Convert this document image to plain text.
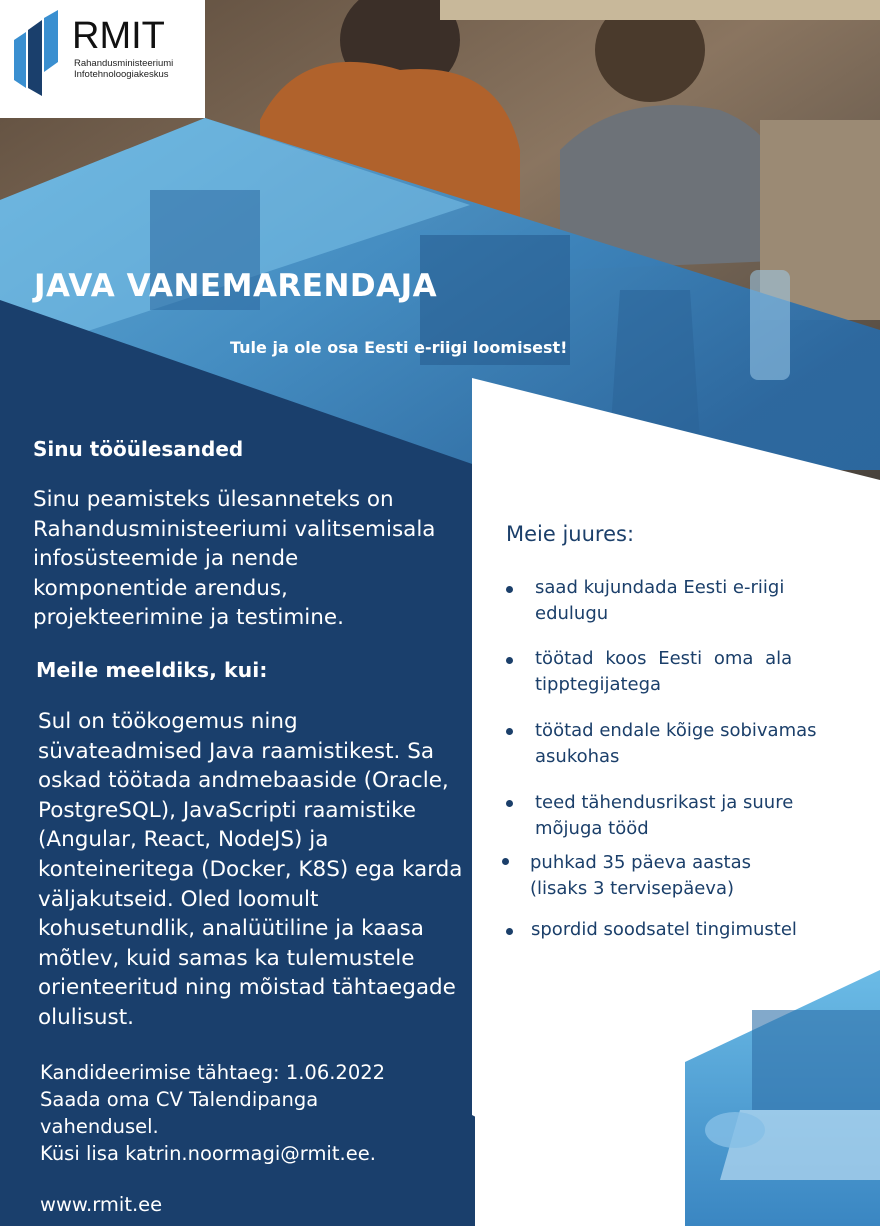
RMIT
Rahandusministeeriumi
Infotehnoloogiakeskus
JAVA VANEMARENDAJA
Tule ja ole osa Eesti e-riigi loomisest!
Sinu tööülesanded
Sinu peamisteks ülesanneteks on Rahandusministeeriumi valitsemisala infosüsteemide ja nende komponentide arendus, projekteerimine ja testimine.
Meile meeldiks, kui:
Sul on töökogemus ning süvateadmised Java raamistikest. Sa oskad töötada andmebaaside (Oracle, PostgreSQL), JavaScripti raamistike (Angular, React, NodeJS) ja konteineritega (Docker, K8S) ega karda väljakutseid. Oled loomult kohusetundlik, analüütiline ja kaasa mõtlev, kuid samas ka tulemustele orienteeritud ning mõistad tähtaegade olulisust.
Kandideerimise tähtaeg: 1.06.2022
Saada oma CV Talendipanga
vahendusel.
Küsi lisa katrin.noormagi@rmit.ee.
www.rmit.ee
Meie juures:
saad kujundada Eesti e-riigi
edulugu
töötad koos Eesti oma ala
tipptegijatega
töötad endale kõige sobivamas
asukohas
teed tähendusrikast ja suure
mõjuga tööd
puhkad 35 päeva aastas
(lisaks 3 tervisepäeva)
spordid soodsatel tingimustel
